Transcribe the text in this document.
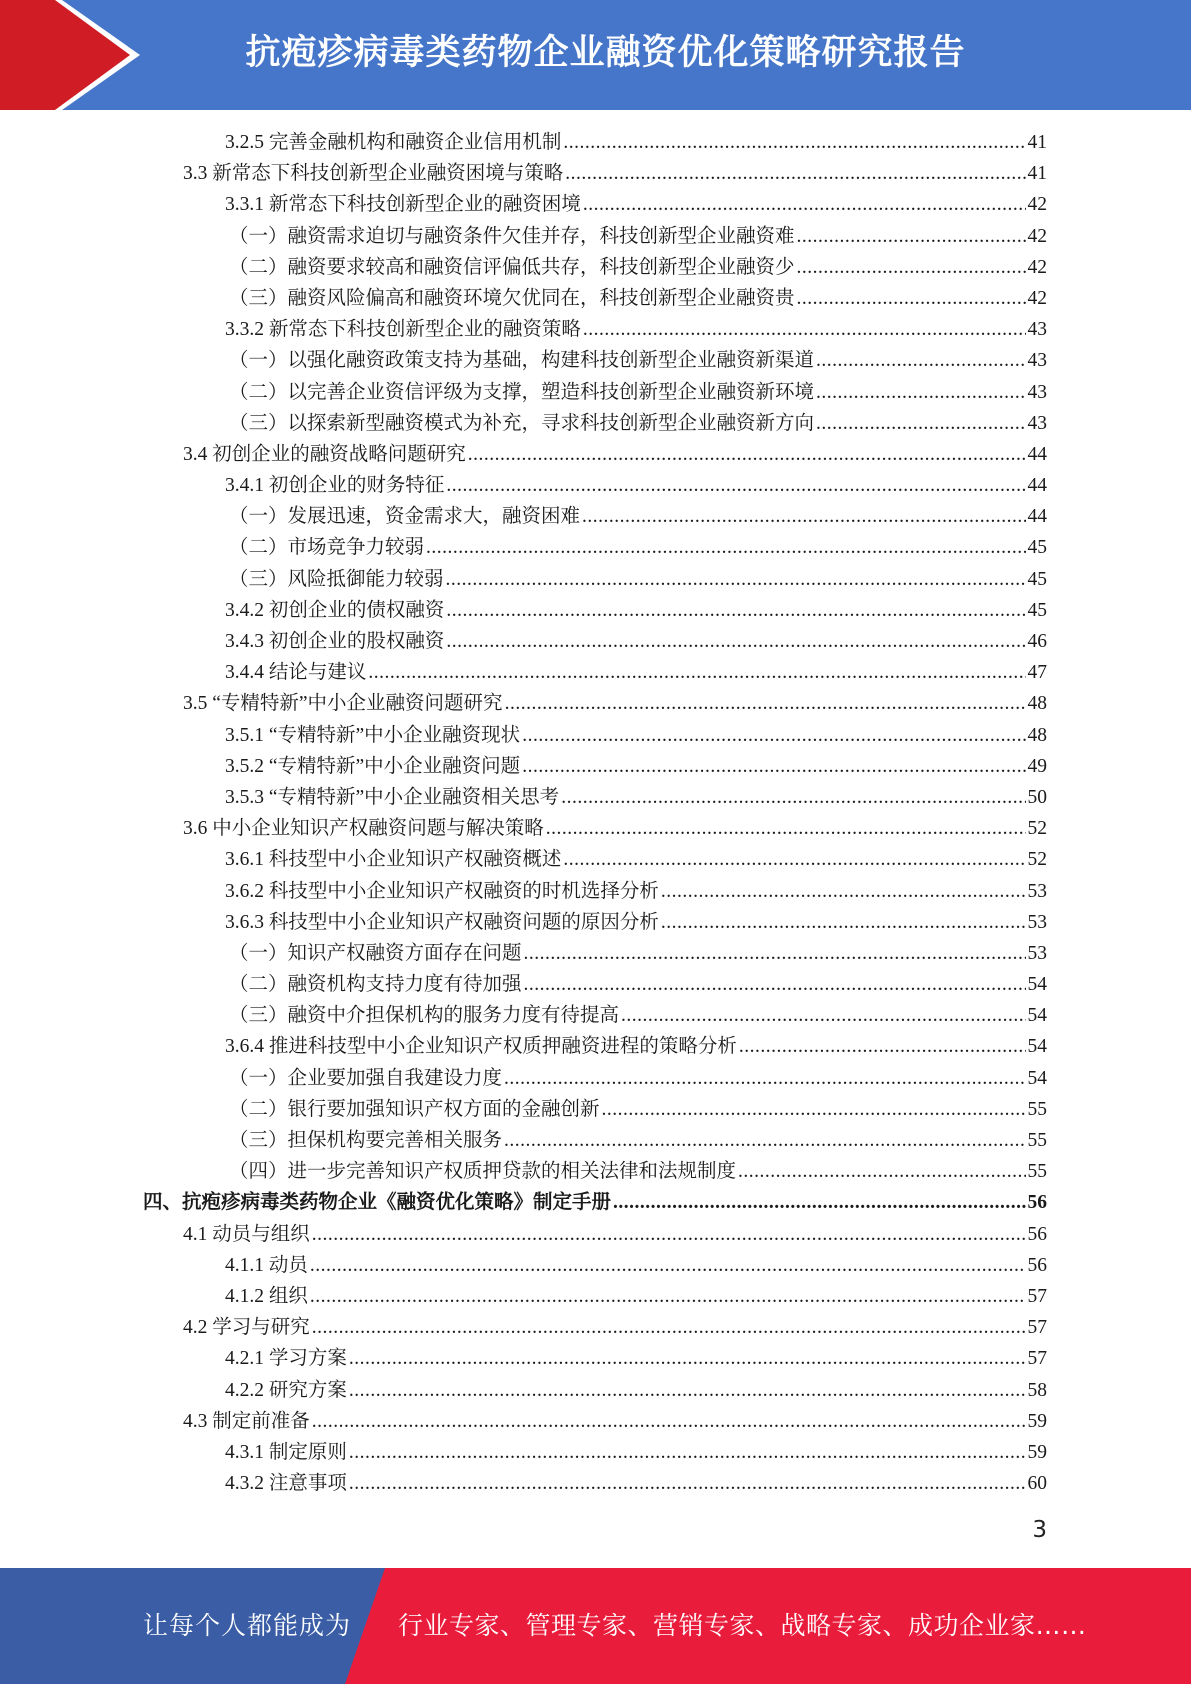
抗疱疹病毒类药物企业融资优化策略研究报告
3.2.5 完善金融机构和融资企业信用机制 .....	41
3.3 新常态下科技创新型企业融资困境与策略 .....	41
3.3.1 新常态下科技创新型企业的融资困境 .....	42
（一）融资需求迫切与融资条件欠佳并存，科技创新型企业融资难 .....	42
（二）融资要求较高和融资信评偏低共存，科技创新型企业融资少 .....	42
（三）融资风险偏高和融资环境欠优同在，科技创新型企业融资贵 .....	42
3.3.2 新常态下科技创新型企业的融资策略 .....	43
（一）以强化融资政策支持为基础，构建科技创新型企业融资新渠道 .....	43
（二）以完善企业资信评级为支撑，塑造科技创新型企业融资新环境 .....	43
（三）以探索新型融资模式为补充，寻求科技创新型企业融资新方向 .....	43
3.4 初创企业的融资战略问题研究 .....	44
3.4.1 初创企业的财务特征 .....	44
（一）发展迅速，资金需求大，融资困难 .....	44
（二）市场竞争力较弱 .....	45
（三）风险抵御能力较弱 .....	45
3.4.2 初创企业的债权融资 .....	45
3.4.3 初创企业的股权融资 .....	46
3.4.4 结论与建议 .....	47
3.5 “专精特新”中小企业融资问题研究 .....	48
3.5.1 “专精特新”中小企业融资现状 .....	48
3.5.2 “专精特新”中小企业融资问题 .....	49
3.5.3 “专精特新”中小企业融资相关思考 .....	50
3.6 中小企业知识产权融资问题与解决策略 .....	52
3.6.1 科技型中小企业知识产权融资概述 .....	52
3.6.2 科技型中小企业知识产权融资的时机选择分析 .....	53
3.6.3 科技型中小企业知识产权融资问题的原因分析 .....	53
（一）知识产权融资方面存在问题 .....	53
（二）融资机构支持力度有待加强 .....	54
（三）融资中介担保机构的服务力度有待提高 .....	54
3.6.4 推进科技型中小企业知识产权质押融资进程的策略分析 .....	54
（一）企业要加强自我建设力度 .....	54
（二）银行要加强知识产权方面的金融创新 .....	55
（三）担保机构要完善相关服务 .....	55
（四）进一步完善知识产权质押贷款的相关法律和法规制度 .....	55
四、抗疱疹病毒类药物企业《融资优化策略》制定手册 .....	56
4.1 动员与组织 .....	56
4.1.1 动员 .....	56
4.1.2 组织 .....	57
4.2 学习与研究 .....	57
4.2.1 学习方案 .....	57
4.2.2 研究方案 .....	58
4.3 制定前准备 .....	59
4.3.1 制定原则 .....	59
4.3.2 注意事项 .....	60
3
让每个人都能成为 行业专家、管理专家、营销专家、战略专家、成功企业家……
